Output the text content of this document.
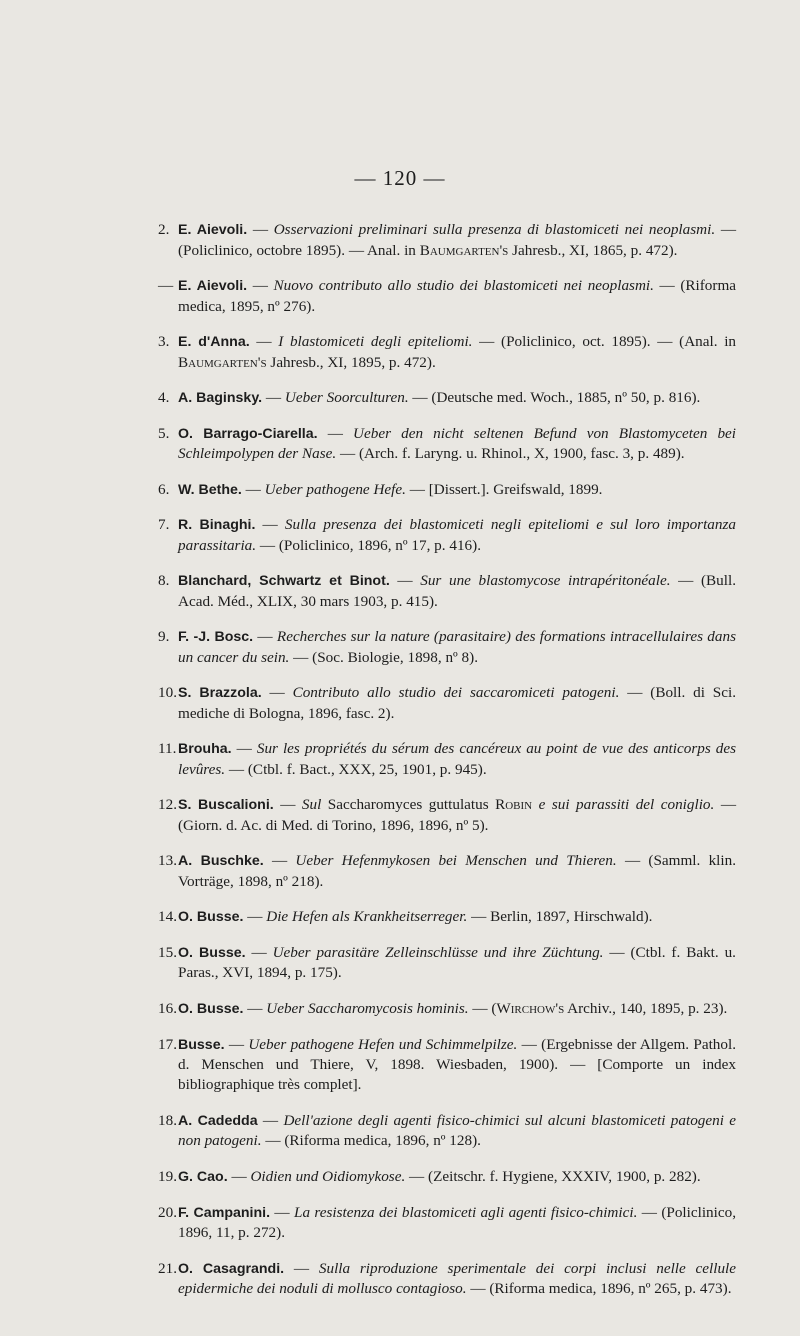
— 120 —

2. E. Aievoli. — Osservazioni preliminari sulla presenza di blastomiceti nei neoplasmi. — (Policlinico, octobre 1895). — Anal. in Baumgarten's Jahresb., XI, 1865, p. 472).

— E. Aievoli. — Nuovo contributo allo studio dei blastomiceti nei neoplasmi. — (Riforma medica, 1895, nº 276).

3. E. d'Anna. — I blastomiceti degli epiteliomi. — (Policlinico, oct. 1895). — (Anal. in Baumgarten's Jahresb., XI, 1895, p. 472).

4. A. Baginsky. — Ueber Soorculturen. — (Deutsche med. Woch., 1885, nº 50, p. 816).

5. O. Barrago-Ciarella. — Ueber den nicht seltenen Befund von Blastomyceten bei Schleimpolypen der Nase. — (Arch. f. Laryng. u. Rhinol., X, 1900, fasc. 3, p. 489).

6. W. Bethe. — Ueber pathogene Hefe. — [Dissert.]. Greifswald, 1899.

7. R. Binaghi. — Sulla presenza dei blastomiceti negli epiteliomi e sul loro importanza parassitaria. — (Policlinico, 1896, nº 17, p. 416).

8. Blanchard, Schwartz et Binot. — Sur une blastomycose intrapéritonéale. — (Bull. Acad. Méd., XLIX, 30 mars 1903, p. 415).

9. F. -J. Bosc. — Recherches sur la nature (parasitaire) des formations intracellulaires dans un cancer du sein. — (Soc. Biologie, 1898, nº 8).

10.S. Brazzola. — Contributo allo studio dei saccaromiceti patogeni. — (Boll. di Sci. mediche di Bologna, 1896, fasc. 2).

11. Brouha. — Sur les propriétés du sérum des cancéreux au point de vue des anticorps des levûres. — (Ctbl. f. Bact., XXX, 25, 1901, p. 945).

12.S. Buscalioni. — Sul Saccharomyces guttulatus Robin e sui parassiti del coniglio. — (Giorn. d. Ac. di Med. di Torino, 1896, 1896, nº 5).

13.A. Buschke. — Ueber Hefenmykosen bei Menschen und Thieren. — (Samml. klin. Vorträge, 1898, nº 218).

14.O. Busse. — Die Hefen als Krankheitserreger. — Berlin, 1897, Hirschwald).

15.O. Busse. — Ueber parasitäre Zelleinschlüsse und ihre Züchtung. — (Ctbl. f. Bakt. u. Paras., XVI, 1894, p. 175).

16.O. Busse. — Ueber Saccharomycosis hominis. — (Wirchow's Archiv., 140, 1895, p. 23).

17.Busse. — Ueber pathogene Hefen und Schimmelpilze. — (Ergebnisse der Allgem. Pathol. d. Menschen und Thiere, V, 1898. Wiesbaden, 1900). — [Comporte un index bibliographique très complet].

18.A. Cadedda — Dell'azione degli agenti fisico-chimici sul alcuni blastomiceti patogeni e non patogeni. — (Riforma medica, 1896, nº 128).

19.G. Cao. — Oidien und Oidiomykose. — (Zeitschr. f. Hygiene, XXXIV, 1900, p. 282).

20.F. Campanini. — La resistenza dei blastomiceti agli agenti fisico-chimici. — (Policlinico, 1896, 11, p. 272).

21.O. Casagrandi. — Sulla riproduzione sperimentale dei corpi inclusi nelle cellule epidermiche dei noduli di mollusco contagioso. — (Riforma medica, 1896, nº 265, p. 473).
